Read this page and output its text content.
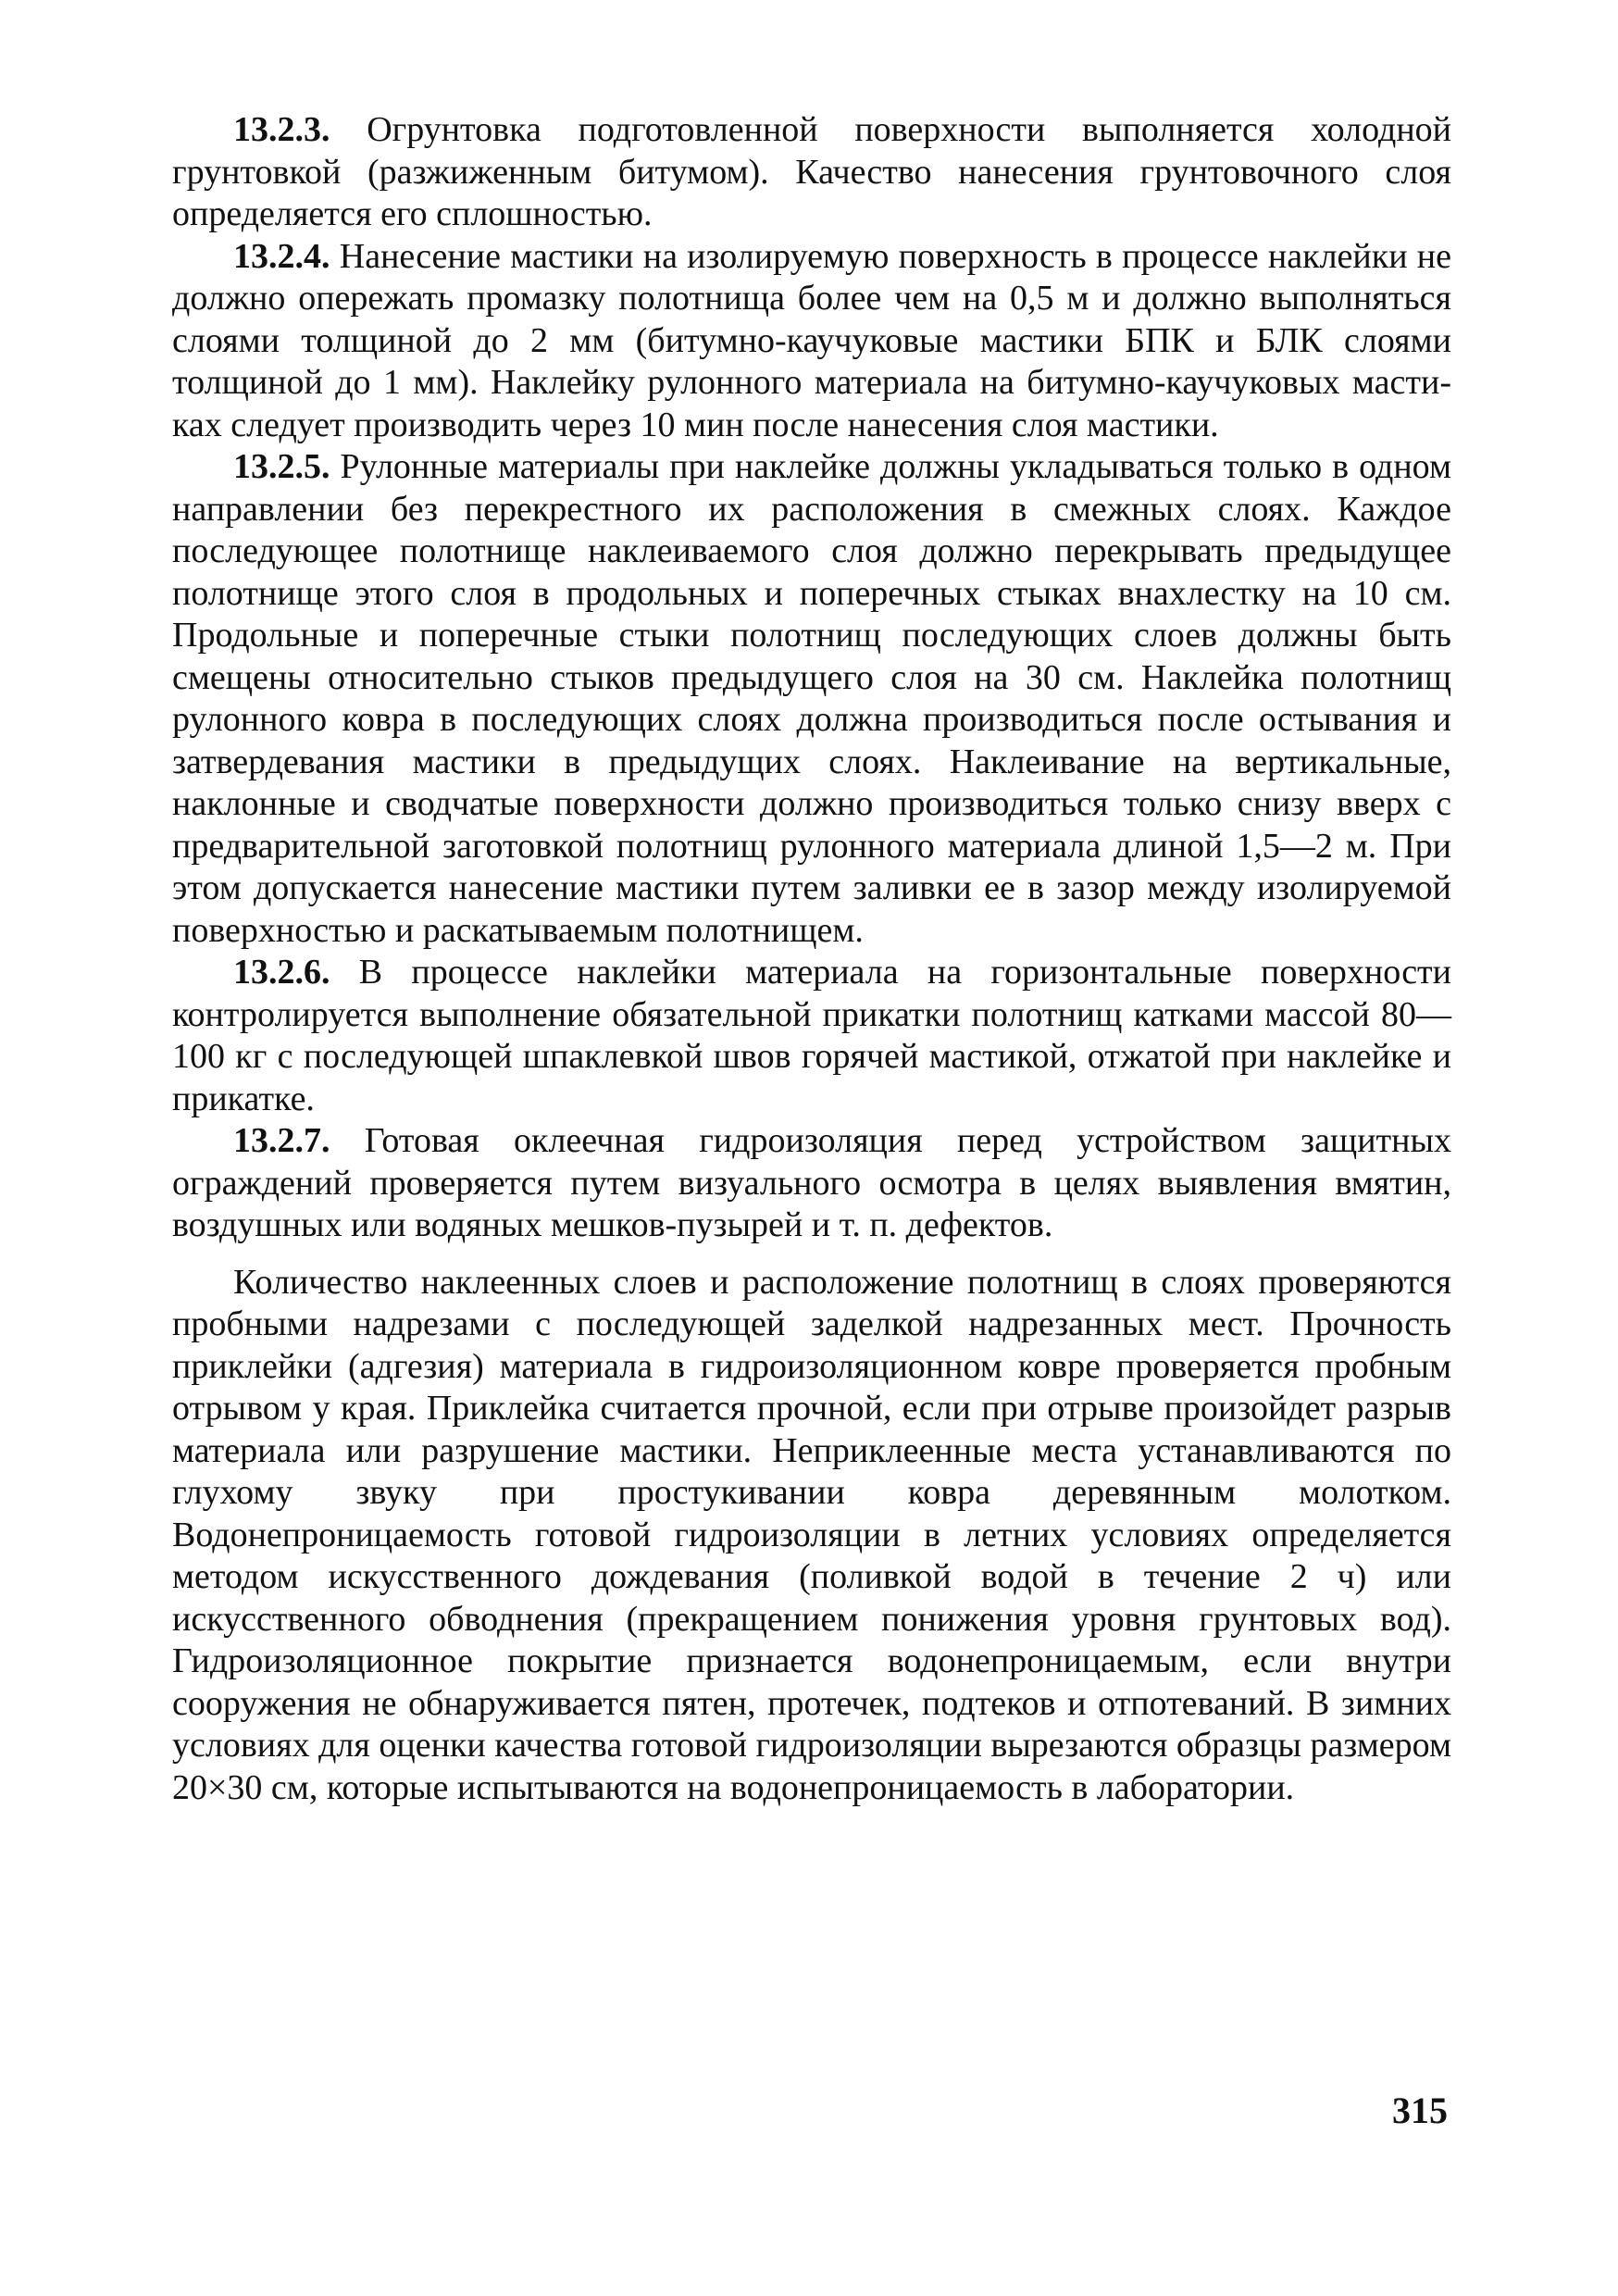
13.2.3. Огрунтовка подготовленной поверхности выполняется холодной грунтовкой (разжиженным битумом). Качество нанесения грунтовочного слоя определяется его сплошностью.

13.2.4. Нанесение мастики на изолируемую поверхность в процессе наклейки не должно опережать промазку полотнища более чем на 0,5 м и должно выполняться слоями толщиной до 2 мм (битумно-каучуковые мастики БПК и БЛК слоями толщиной до 1 мм). Наклейку рулонного материала на битумно-каучуковых мастиках следует производить через 10 мин после нанесения слоя мастики.

13.2.5. Рулонные материалы при наклейке должны укладываться только в одном направлении без перекрестного их расположения в смежных слоях. Каждое последующее полотнище наклеиваемого слоя должно перекрывать предыдущее полотнище этого слоя в продольных и поперечных стыках внахлестку на 10 см. Продольные и поперечные стыки полотнищ последующих слоев должны быть смещены относительно стыков предыдущего слоя на 30 см. Наклейка полотнищ рулонного ковра в последующих слоях должна производиться после остывания и затвердевания мастики в предыдущих слоях. Наклеивание на вертикальные, наклонные и сводчатые поверхности должно производиться только снизу вверх с предварительной заготовкой полотнищ рулонного материала длиной 1,5—2 м. При этом допускается нанесение мастики путем заливки ее в зазор между изолируемой поверхностью и раскатываемым полотнищем.

13.2.6. В процессе наклейки материала на горизонтальные поверхности контролируется выполнение обязательной прикатки полотнищ катками массой 80—100 кг с последующей шпаклевкой швов горячей мастикой, отжатой при наклейке и прикатке.

13.2.7. Готовая оклеечная гидроизоляция перед устройством защитных ограждений проверяется путем визуального осмотра в целях выявления вмятин, воздушных или водяных мешков-пузырей и т. п. дефектов.

Количество наклеенных слоев и расположение полотнищ в слоях проверяются пробными надрезами с последующей заделкой надрезанных мест. Прочность приклейки (адгезия) материала в гидроизоляционном ковре проверяется пробным отрывом у края. Приклейка считается прочной, если при отрыве произойдет разрыв материала или разрушение мастики. Неприклеенные места устанавливаются по глухому звуку при простукивании ковра деревянным молотком. Водонепроницаемость готовой гидроизоляции в летних условиях определяется методом искусственного дождевания (поливкой водой в течение 2 ч) или искусственного обводнения (прекращением понижения уровня грунтовых вод). Гидроизоляционное покрытие признается водонепроницаемым, если внутри сооружения не обнаруживается пятен, протечек, подтеков и отпотеваний. В зимних условиях для оценки качества готовой гидроизоляции вырезаются образцы размером 20×30 см, которые испытываются на водонепроницаемость в лаборатории.

315
